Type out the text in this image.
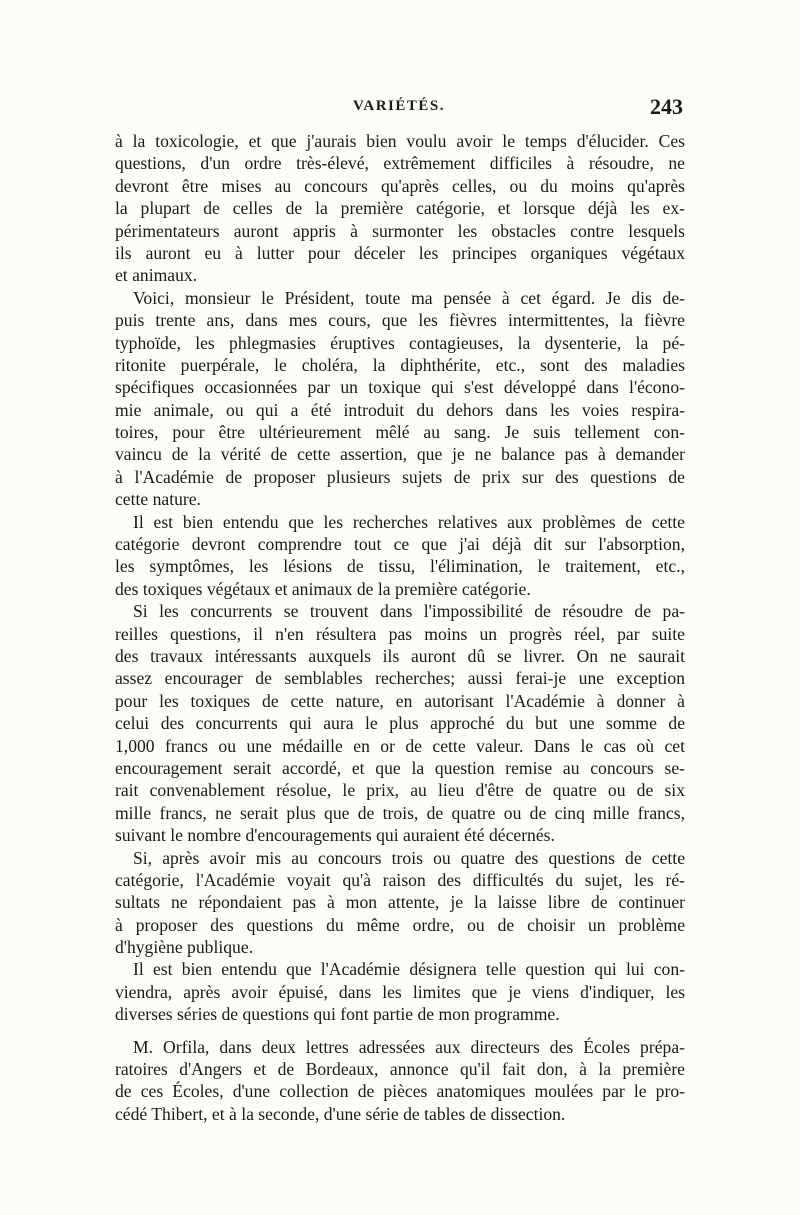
VARIÉTÉS.	243
à la toxicologie, et que j'aurais bien voulu avoir le temps d'élucider. Ces
questions, d'un ordre très-élevé, extrêmement difficiles à résoudre, ne
devront être mises au concours qu'après celles, ou du moins qu'après
la plupart de celles de la première catégorie, et lorsque déjà les ex-
périmentateurs auront appris à surmonter les obstacles contre lesquels
ils auront eu à lutter pour déceler les principes organiques végétaux
et animaux.
Voici, monsieur le Président, toute ma pensée à cet égard. Je dis de-
puis trente ans, dans mes cours, que les fièvres intermittentes, la fièvre
typhoïde, les phlegmasies éruptives contagieuses, la dysenterie, la pé-
ritonite puerpérale, le choléra, la diphthérite, etc., sont des maladies
spécifiques occasionnées par un toxique qui s'est développé dans l'écono-
mie animale, ou qui a été introduit du dehors dans les voies respira-
toires, pour être ultérieurement mêlé au sang. Je suis tellement con-
vaincu de la vérité de cette assertion, que je ne balance pas à demander
à l'Académie de proposer plusieurs sujets de prix sur des questions de
cette nature.
Il est bien entendu que les recherches relatives aux problèmes de cette
catégorie devront comprendre tout ce que j'ai déjà dit sur l'absorption,
les symptômes, les lésions de tissu, l'élimination, le traitement, etc.,
des toxiques végétaux et animaux de la première catégorie.
Si les concurrents se trouvent dans l'impossibilité de résoudre de pa-
reilles questions, il n'en résultera pas moins un progrès réel, par suite
des travaux intéressants auxquels ils auront dû se livrer. On ne saurait
assez encourager de semblables recherches; aussi ferai-je une exception
pour les toxiques de cette nature, en autorisant l'Académie à donner à
celui des concurrents qui aura le plus approché du but une somme de
1,000 francs ou une médaille en or de cette valeur. Dans le cas où cet
encouragement serait accordé, et que la question remise au concours se-
rait convenablement résolue, le prix, au lieu d'être de quatre ou de six
mille francs, ne serait plus que de trois, de quatre ou de cinq mille francs,
suivant le nombre d'encouragements qui auraient été décernés.
Si, après avoir mis au concours trois ou quatre des questions de cette
catégorie, l'Académie voyait qu'à raison des difficultés du sujet, les ré-
sultats ne répondaient pas à mon attente, je la laisse libre de continuer
à proposer des questions du même ordre, ou de choisir un problème
d'hygiène publique.
Il est bien entendu que l'Académie désignera telle question qui lui con-
viendra, après avoir épuisé, dans les limites que je viens d'indiquer, les
diverses séries de questions qui font partie de mon programme.
M. Orfila, dans deux lettres adressées aux directeurs des Écoles prépa-
ratoires d'Angers et de Bordeaux, annonce qu'il fait don, à la première
de ces Écoles, d'une collection de pièces anatomiques moulées par le pro-
cédé Thibert, et à la seconde, d'une série de tables de dissection.
